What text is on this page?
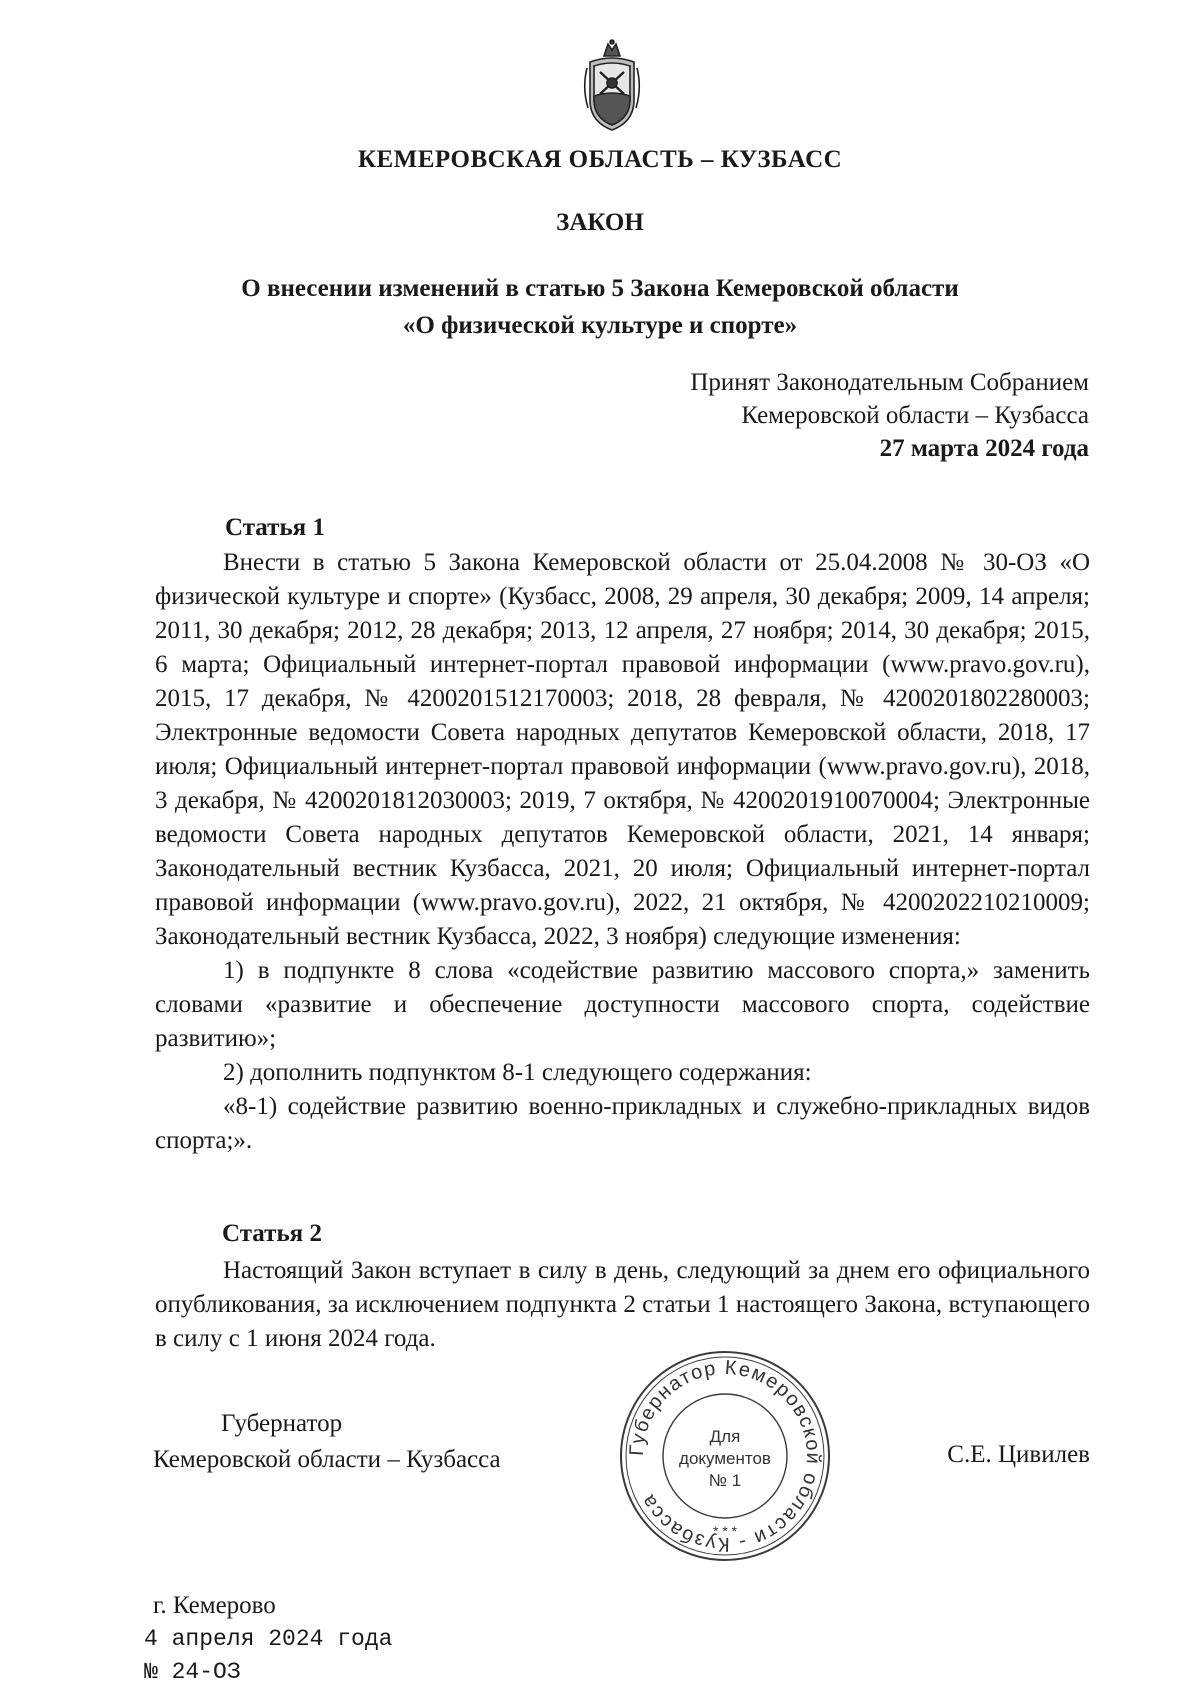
КЕМЕРОВСКАЯ ОБЛАСТЬ – КУЗБАСС
ЗАКОН
О внесении изменений в статью 5 Закона Кемеровской области
«О физической культуре и спорте»
Принят Законодательным Собранием
Кемеровской области – Кузбасса
27 марта 2024 года
Статья 1

Внести в статью 5 Закона Кемеровской области от 25.04.2008 № 30-ОЗ «О физической культуре и спорте» (Кузбасс, 2008, 29 апреля, 30 декабря; 2009, 14 апреля; 2011, 30 декабря; 2012, 28 декабря; 2013, 12 апреля, 27 ноября; 2014, 30 декабря; 2015, 6 марта; Официальный интернет-портал правовой информации (www.pravo.gov.ru), 2015, 17 декабря, № 4200201512170003; 2018, 28 февраля, № 4200201802280003; Электронные ведомости Совета народных депутатов Кемеровской области, 2018, 17 июля; Официальный интернет-портал правовой информации (www.pravo.gov.ru), 2018, 3 декабря, № 4200201812030003; 2019, 7 октября, № 4200201910070004; Электронные ведомости Совета народных депутатов Кемеровской области, 2021, 14 января; Законодательный вестник Кузбасса, 2021, 20 июля; Официальный интернет-портал правовой информации (www.pravo.gov.ru), 2022, 21 октября, № 4200202210210009; Законодательный вестник Кузбасса, 2022, 3 ноября) следующие изменения:

1) в подпункте 8 слова «содействие развитию массового спорта,» заменить словами «развитие и обеспечение доступности массового спорта, содействие развитию»;

2) дополнить подпунктом 8-1 следующего содержания:

«8-1) содействие развитию военно-прикладных и служебно-прикладных видов спорта;».

Статья 2

Настоящий Закон вступает в силу в день, следующий за днем его официального опубликования, за исключением подпункта 2 статьи 1 настоящего Закона, вступающего в силу с 1 июня 2024 года.

Губернатор
Кемеровской области – Кузбасса	С.Е. Цивилев
Губернатор Кемеровской области - Кузбасса
Для
документов
№ 1
* * *
г. Кемерово
4 апреля 2024 года
№ 24-ОЗ
